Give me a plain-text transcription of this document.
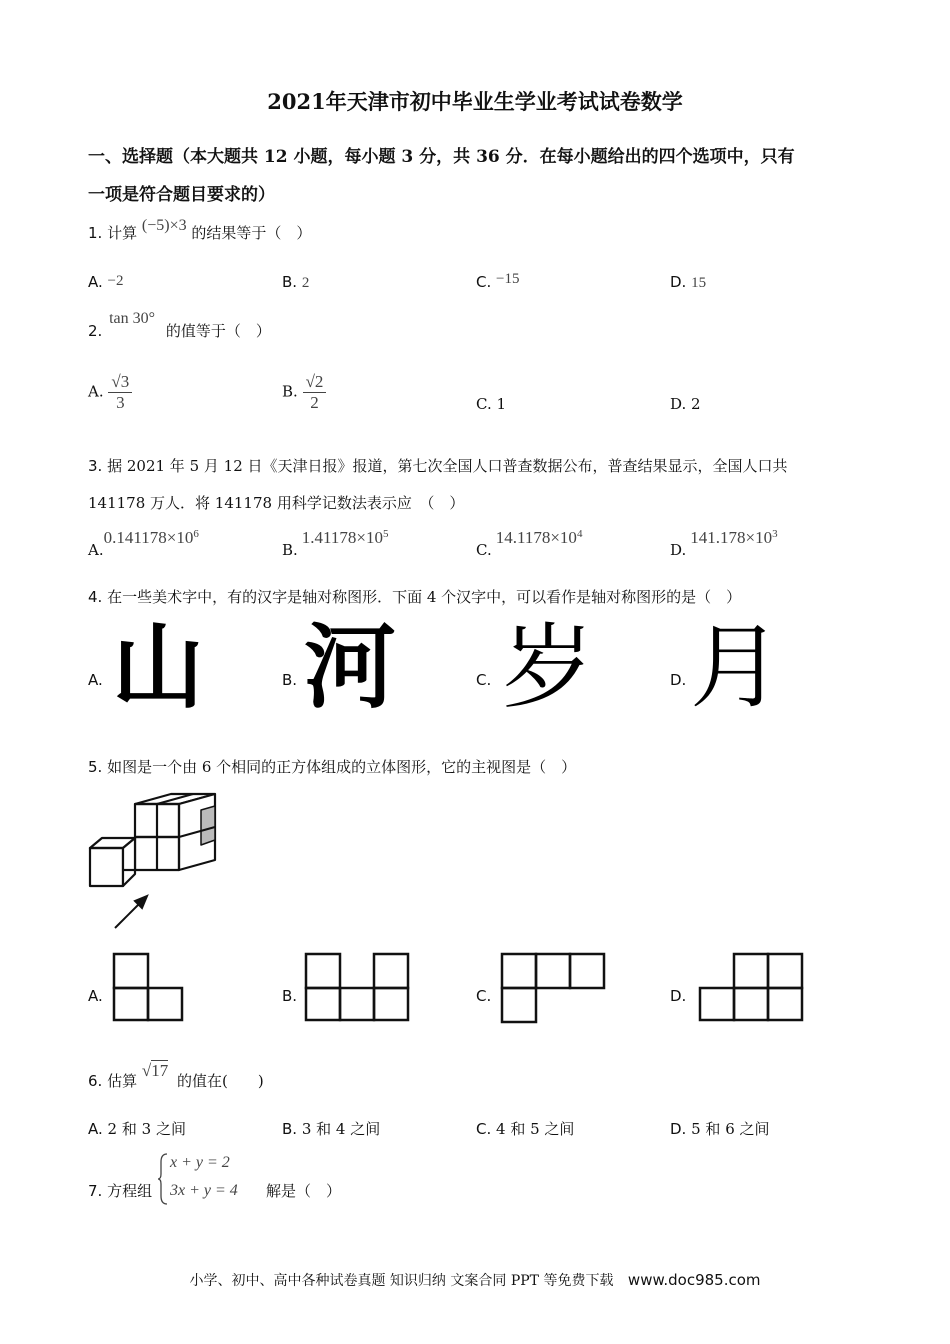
2021年天津市初中毕业生学业考试试卷数学
一、选择题（本大题共 12 小题，每小题 3 分，共 36 分．在每小题给出的四个选项中，只有
一项是符合题目要求的）
1. 计算 (−5)×3 的结果等于（　）
A. −2	B. 2	C. −15	D. 15
2. tan 30° 的值等于（　）
A. $\frac{√3}{3}$	B. $\frac{√2}{2}$	C. 1	D. 2
3. 据 2021 年 5 月 12 日《天津日报》报道，第七次全国人口普查数据公布，普查结果显示，全国人口共
141178 万人．将 141178 用科学记数法表示应　（　）
$A.0.141178\times 10^6$
$B.1.41178\times 10^5$
$C.14.1178\times 10^4$
$D.141.178\times 10^3$
4. 在一些美术字中，有的汉字是轴对称图形．下面 4 个汉字中，可以看作是轴对称图形的是（　）
A. 山	B. 河	C. 岁	D. 月
5. 如图是一个由 6 个相同的正方体组成的立体图形，它的主视图是（　）
A.	B.	C.	D.
6. 估算 √17 的值在(　　)
A. 2 和 3 之间	B. 3 和 4 之间	C. 4 和 5 之间	D. 5 和 6 之间
7. 方程组
x + y = 2
3x + y = 4 解是（　）
小学、初中、高中各种试卷真题 知识归纳 文案合同 PPT 等免费下载 www.doc985.com
